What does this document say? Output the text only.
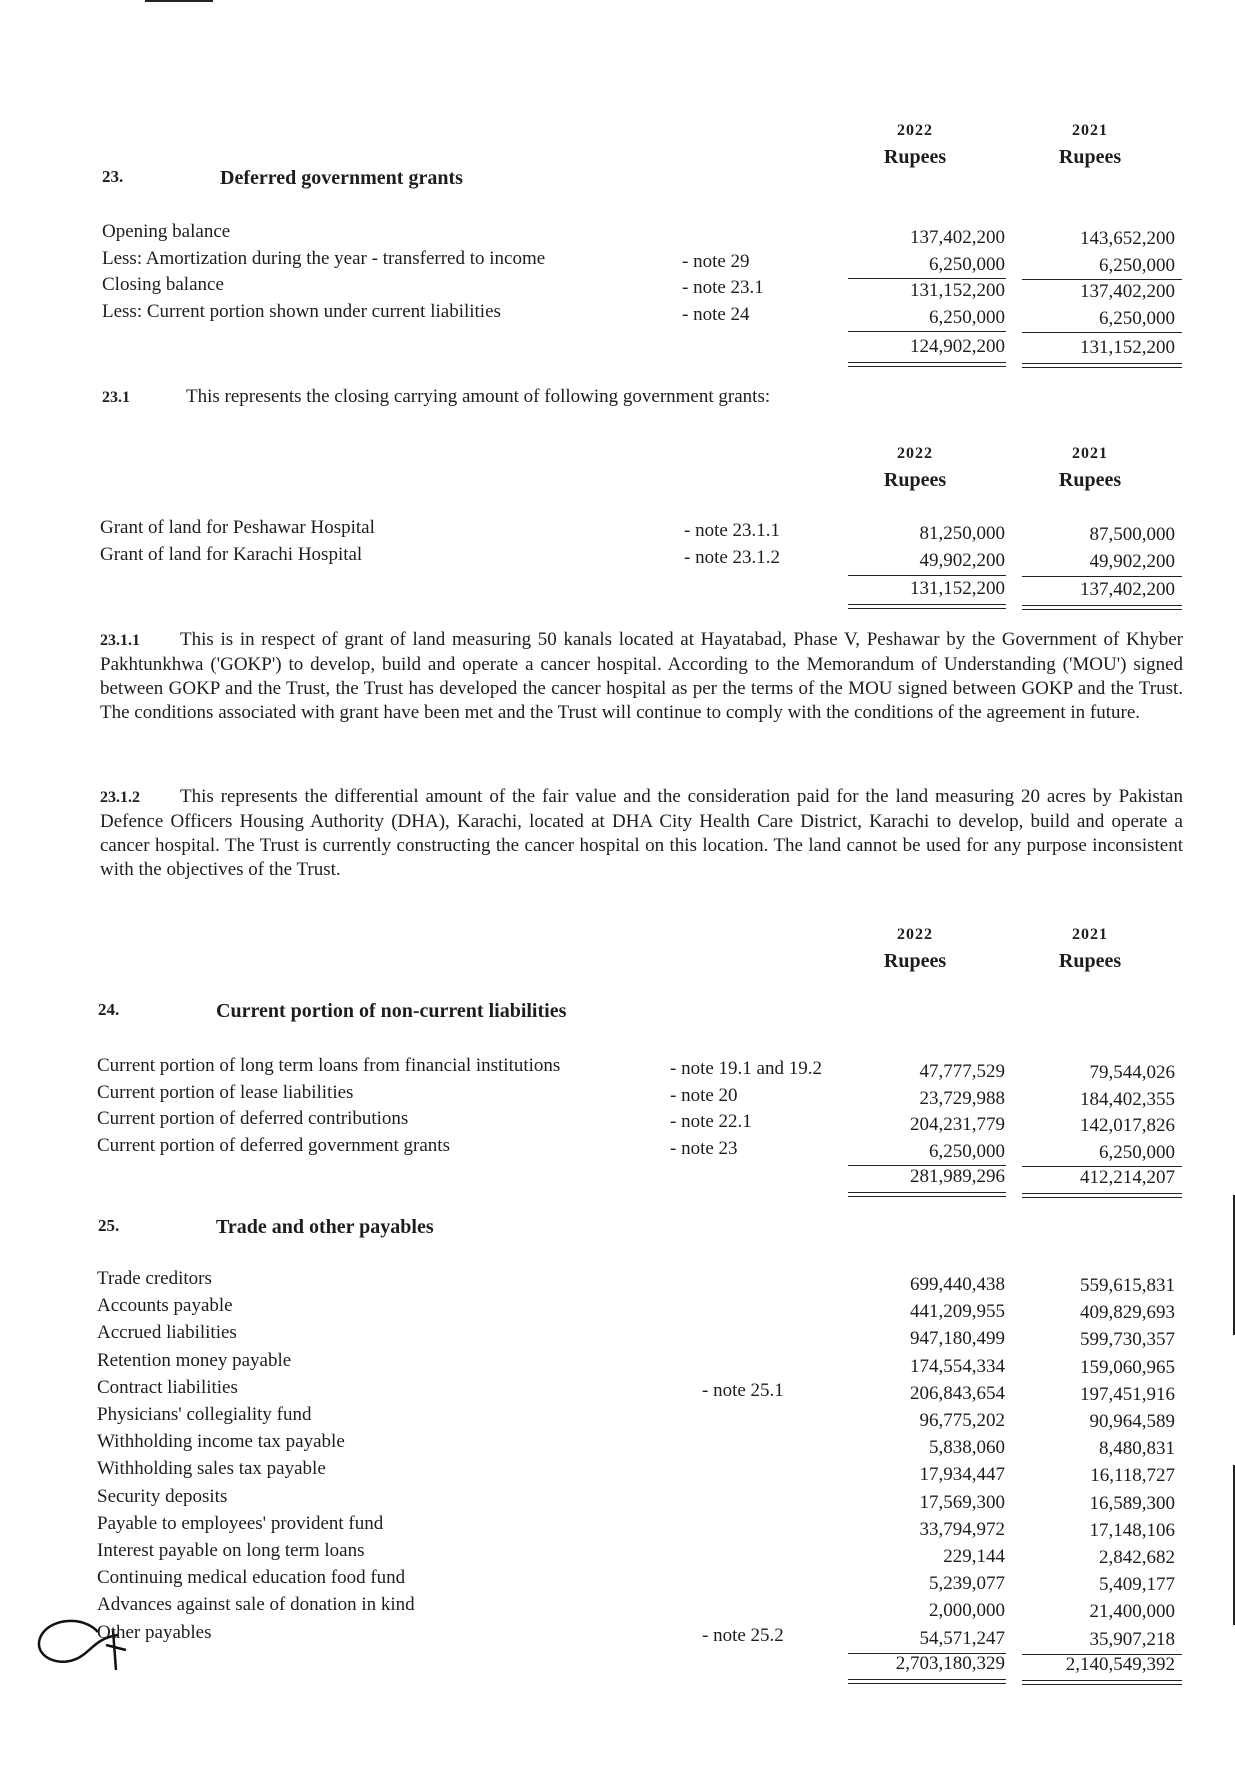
23.1	This represents the closing carrying amount of following government grants:
23.1.1 This is in respect of grant of land measuring 50 kanals located at Hayatabad, Phase V, Peshawar by the Government of Khyber Pakhtunkhwa ('GOKP') to develop, build and operate a cancer hospital. According to the Memorandum of Understanding ('MOU') signed between GOKP and the Trust, the Trust has developed the cancer hospital as per the terms of the MOU signed between GOKP and the Trust. The conditions associated with grant have been met and the Trust will continue to comply with the conditions of the agreement in future.
23.1.2 This represents the differential amount of the fair value and the consideration paid for the land measuring 20 acres by Pakistan Defence Officers Housing Authority (DHA), Karachi, located at DHA City Health Care District, Karachi to develop, build and operate a cancer hospital. The Trust is currently constructing the cancer hospital on this location. The land cannot be used for any purpose inconsistent with the objectives of the Trust.
2022
Rupees
2021
Rupees
23.	Deferred government grants
Opening balance	137,402,200	143,652,200
Less: Amortization during the year - transferred to income	- note 29	6,250,000	6,250,000
Closing balance	- note 23.1	131,152,200	137,402,200
Less: Current portion shown under current liabilities	- note 24	6,250,000	6,250,000
124,902,200	131,152,200
2022
Rupees
2021
Rupees
Grant of land for Peshawar Hospital	- note 23.1.1	81,250,000	87,500,000
Grant of land for Karachi Hospital	- note 23.1.2	49,902,200	49,902,200
131,152,200	137,402,200
2022
Rupees
2021
Rupees
24.	Current portion of non-current liabilities
Current portion of long term loans from financial institutions	- note 19.1 and 19.2	47,777,529	79,544,026
Current portion of lease liabilities	- note 20	23,729,988	184,402,355
Current portion of deferred contributions	- note 22.1	204,231,779	142,017,826
Current portion of deferred government grants	- note 23	6,250,000	6,250,000
281,989,296	412,214,207
25.	Trade and other payables
Trade creditors	699,440,438	559,615,831
Accounts payable	441,209,955	409,829,693
Accrued liabilities	947,180,499	599,730,357
Retention money payable	174,554,334	159,060,965
Contract liabilities	- note 25.1	206,843,654	197,451,916
Physicians' collegiality fund	96,775,202	90,964,589
Withholding income tax payable	5,838,060	8,480,831
Withholding sales tax payable	17,934,447	16,118,727
Security deposits	17,569,300	16,589,300
Payable to employees' provident fund	33,794,972	17,148,106
Interest payable on long term loans	229,144	2,842,682
Continuing medical education food fund	5,239,077	5,409,177
Advances against sale of donation in kind	2,000,000	21,400,000
Other payables	- note 25.2	54,571,247	35,907,218
2,703,180,329	2,140,549,392
